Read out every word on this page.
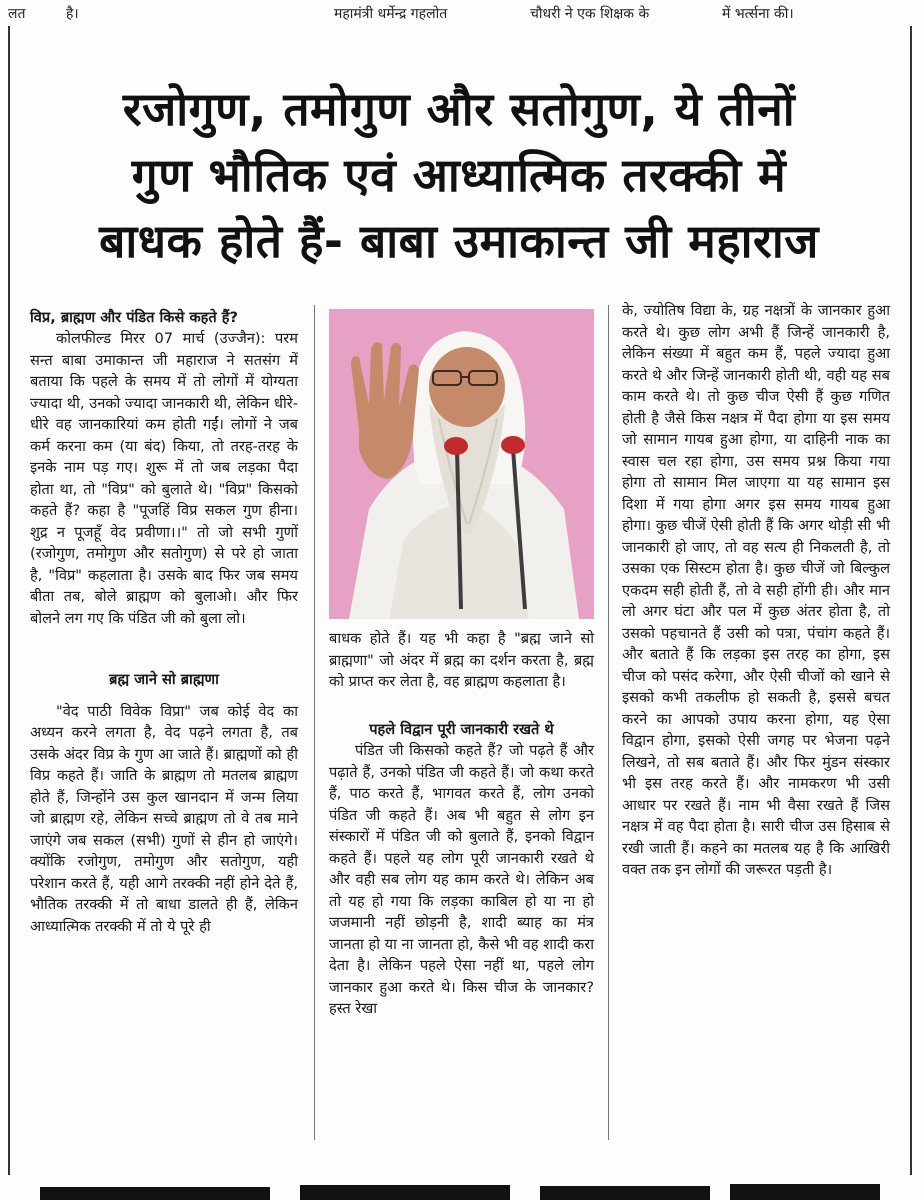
लत	है।	महामंत्री धर्मेन्द्र गहलोत	चौधरी ने एक शिक्षक के	में भर्त्सना की।
रजोगुण, तमोगुण और सतोगुण, ये तीनों
गुण भौतिक एवं आध्यात्मिक तरक्की में
बाधक होते हैं- बाबा उमाकान्त जी महाराज

विप्र, ब्राह्मण और पंडित किसे कहते हैं?

कोलफील्ड मिरर 07 मार्च (उज्जैन): परम सन्त बाबा उमाकान्त जी महाराज ने सतसंग में बताया कि पहले के समय में तो लोगों में योग्यता ज्यादा थी, उनको ज्यादा जानकारी थी, लेकिन धीरे-धीरे वह जानकारियां कम होती गईं। लोगों ने जब कर्म करना कम (या बंद) किया, तो तरह-तरह के इनके नाम पड़ गए। शुरू में तो जब लड़का पैदा होता था, तो "विप्र" को बुलाते थे। "विप्र" किसको कहते हैं? कहा है "पूजहिं विप्र सकल गुण हीना। शुद्र न पूजहूँ वेद प्रवीणा।।" तो जो सभी गुणों (रजोगुण, तमोगुण और सतोगुण) से परे हो जाता है, "विप्र" कहलाता है। उसके बाद फिर जब समय बीता तब, बोले ब्राह्मण को बुलाओ। और फिर बोलने लग गए कि पंडित जी को बुला लो।

ब्रह्म जाने सो ब्राह्मणा

"वेद पाठी विवेक विप्रा" जब कोई वेद का अध्यन करने लगता है, वेद पढ़ने लगता है, तब उसके अंदर विप्र के गुण आ जाते हैं। ब्राह्मणों को ही विप्र कहते हैं। जाति के ब्राह्मण तो मतलब ब्राह्मण होते हैं, जिन्होंने उस कुल खानदान में जन्म लिया जो ब्राह्मण रहे, लेकिन सच्चे ब्राह्मण तो वे तब माने जाएंगे जब सकल (सभी) गुणों से हीन हो जाएंगे। क्योंकि रजोगुण, तमोगुण और सतोगुण, यही परेशान करते हैं, यही आगे तरक्की नहीं होने देते हैं, भौतिक तरक्की में तो बाधा डालते ही हैं, लेकिन आध्यात्मिक तरक्की में तो ये पूरे ही

बाधक होते हैं। यह भी कहा है "ब्रह्म जाने सो ब्राह्मणा" जो अंदर में ब्रह्म का दर्शन करता है, ब्रह्म को प्राप्त कर लेता है, वह ब्राह्मण कहलाता है।

पहले विद्वान पूरी जानकारी रखते थे

पंडित जी किसको कहते हैं? जो पढ़ते हैं और पढ़ाते हैं, उनको पंडित जी कहते हैं। जो कथा करते हैं, पाठ करते हैं, भागवत करते हैं, लोग उनको पंडित जी कहते हैं। अब भी बहुत से लोग इन संस्कारों में पंडित जी को बुलाते हैं, इनको विद्वान कहते हैं। पहले यह लोग पूरी जानकारी रखते थे और वही सब लोग यह काम करते थे। लेकिन अब तो यह हो गया कि लड़का काबिल हो या ना हो जजमानी नहीं छोड़नी है, शादी ब्याह का मंत्र जानता हो या ना जानता हो, कैसे भी वह शादी करा देता है। लेकिन पहले ऐसा नहीं था, पहले लोग जानकार हुआ करते थे। किस चीज के जानकार? हस्त रेखा

के, ज्योतिष विद्या के, ग्रह नक्षत्रों के जानकार हुआ करते थे। कुछ लोग अभी हैं जिन्हें जानकारी है, लेकिन संख्या में बहुत कम हैं, पहले ज्यादा हुआ करते थे और जिन्हें जानकारी होती थी, वही यह सब काम करते थे। तो कुछ चीज ऐसी हैं कुछ गणित होती है जैसे किस नक्षत्र में पैदा होगा या इस समय जो सामान गायब हुआ होगा, या दाहिनी नाक का स्वास चल रहा होगा, उस समय प्रश्न किया गया होगा तो सामान मिल जाएगा या यह सामान इस दिशा में गया होगा अगर इस समय गायब हुआ होगा। कुछ चीजें ऐसी होती हैं कि अगर थोड़ी सी भी जानकारी हो जाए, तो वह सत्य ही निकलती है, तो उसका एक सिस्टम होता है। कुछ चीजें जो बिल्कुल एकदम सही होती हैं, तो वे सही होंगी ही। और मान लो अगर घंटा और पल में कुछ अंतर होता है, तो उसको पहचानते हैं उसी को पत्रा, पंचांग कहते हैं। और बताते हैं कि लड़का इस तरह का होगा, इस चीज को पसंद करेगा, और ऐसी चीजों को खाने से इसको कभी तकलीफ हो सकती है, इससे बचत करने का आपको उपाय करना होगा, यह ऐसा विद्वान होगा, इसको ऐसी जगह पर भेजना पढ़ने लिखने, तो सब बताते हैं। और फिर मुंडन संस्कार भी इस तरह करते हैं। और नामकरण भी उसी आधार पर रखते हैं। नाम भी वैसा रखते हैं जिस नक्षत्र में वह पैदा होता है। सारी चीज उस हिसाब से रखी जाती हैं। कहने का मतलब यह है कि आखिरी वक्त तक इन लोगों की जरूरत पड़ती है।
